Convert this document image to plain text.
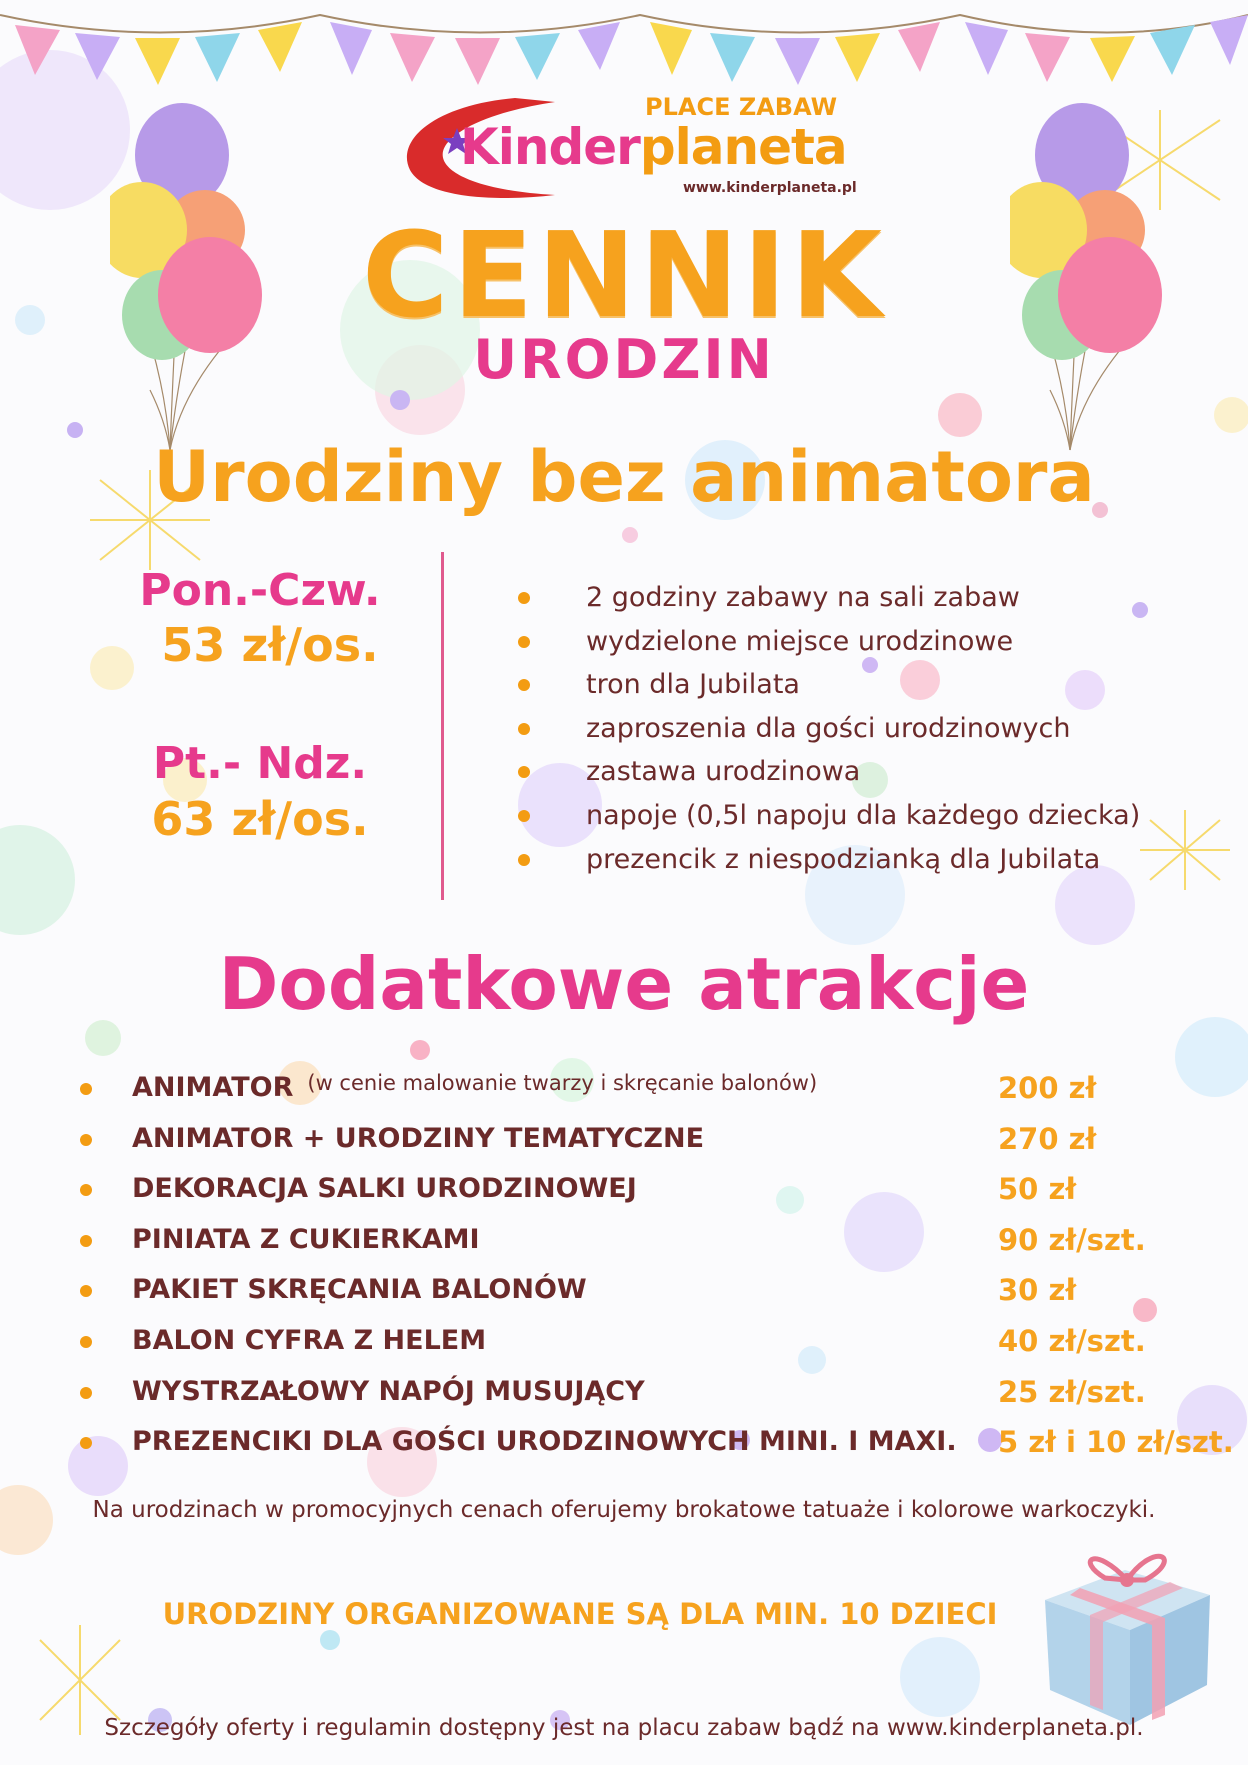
PLACE ZABAW
Kinderplaneta
www.kinderplaneta.pl
CENNIK
URODZIN
Urodziny bez animatora
Pon.-Czw.
53 zł/os.
Pt.- Ndz.
63 zł/os.
2 godziny zabawy na sali zabaw
wydzielone miejsce urodzinowe
tron dla Jubilata
zaproszenia dla gości urodzinowych
zastawa urodzinowa
napoje (0,5l napoju dla każdego dziecka)
prezencik z niespodzianką dla Jubilata
Dodatkowe atrakcje
ANIMATOR $^{(w cenie malowanie twarzy i skręcanie balonów)}$	200 zł
ANIMATOR + URODZINY TEMATYCZNE	270 zł
DEKORACJA SALKI URODZINOWEJ	50 zł
PINIATA Z CUKIERKAMI	90 zł/szt.
PAKIET SKRĘCANIA BALONÓW	30 zł
BALON CYFRA Z HELEM	40 zł/szt.
WYSTRZAŁOWY NAPÓJ MUSUJĄCY	25 zł/szt.
PREZENCIKI DLA GOŚCI URODZINOWYCH MINI. I MAXI. 5 zł i 10 zł/szt.
Na urodzinach w promocyjnych cenach oferujemy brokatowe tatuaże i kolorowe warkoczyki.
URODZINY ORGANIZOWANE SĄ DLA MIN. 10 DZIECI
Szczegóły oferty i regulamin dostępny jest na placu zabaw bądź na www.kinderplaneta.pl.
